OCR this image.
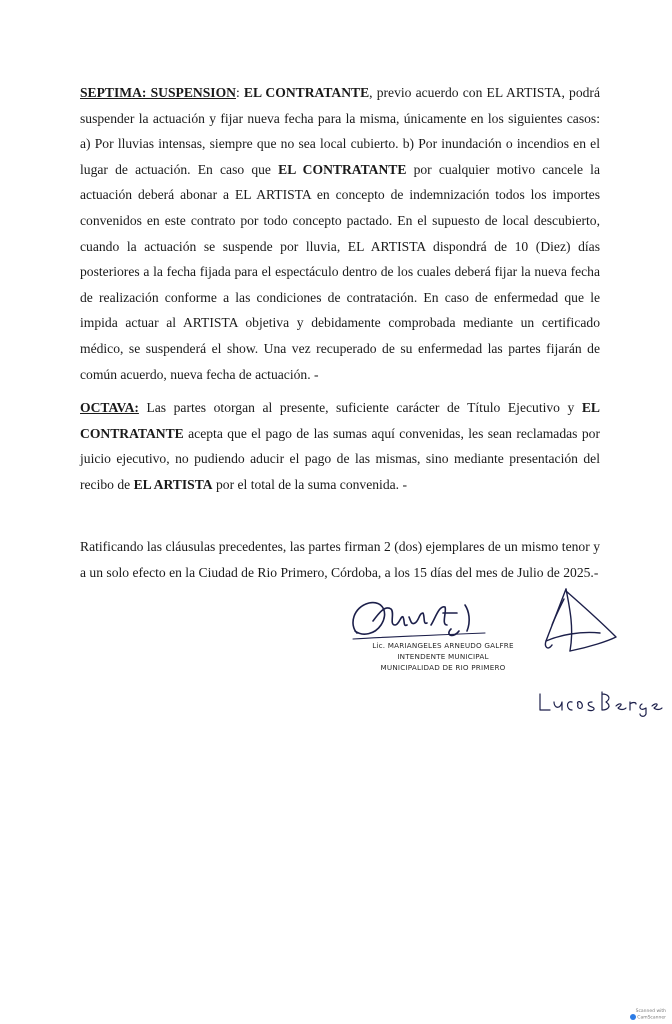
SEPTIMA: SUSPENSION: EL CONTRATANTE, previo acuerdo con EL ARTISTA, podrá suspender la actuación y fijar nueva fecha para la misma, únicamente en los siguientes casos: a) Por lluvias intensas, siempre que no sea local cubierto. b) Por inundación o incendios en el lugar de actuación. En caso que EL CONTRATANTE por cualquier motivo cancele la actuación deberá abonar a EL ARTISTA en concepto de indemnización todos los importes convenidos en este contrato por todo concepto pactado. En el supuesto de local descubierto, cuando la actuación se suspende por lluvia, EL ARTISTA dispondrá de 10 (Diez) días posteriores a la fecha fijada para el espectáculo dentro de los cuales deberá fijar la nueva fecha de realización conforme a las condiciones de contratación. En caso de enfermedad que le impida actuar al ARTISTA objetiva y debidamente comprobada mediante un certificado médico, se suspenderá el show. Una vez recuperado de su enfermedad las partes fijarán de común acuerdo, nueva fecha de actuación. -

OCTAVA: Las partes otorgan al presente, suficiente carácter de Título Ejecutivo y EL CONTRATANTE acepta que el pago de las sumas aquí convenidas, les sean reclamadas por juicio ejecutivo, no pudiendo aducir el pago de las mismas, sino mediante presentación del recibo de EL ARTISTA por el total de la suma convenida. -

Ratificando las cláusulas precedentes, las partes firman 2 (dos) ejemplares de un mismo tenor y a un solo efecto en la Ciudad de Rio Primero, Córdoba, a los 15 días del mes de Julio de 2025.-

Lic. MARIANGELES ARNEUDO GALFRE
INTENDENTE MUNICIPAL
MUNICIPALIDAD DE RIO PRIMERO
Scanned with
CamScanner
